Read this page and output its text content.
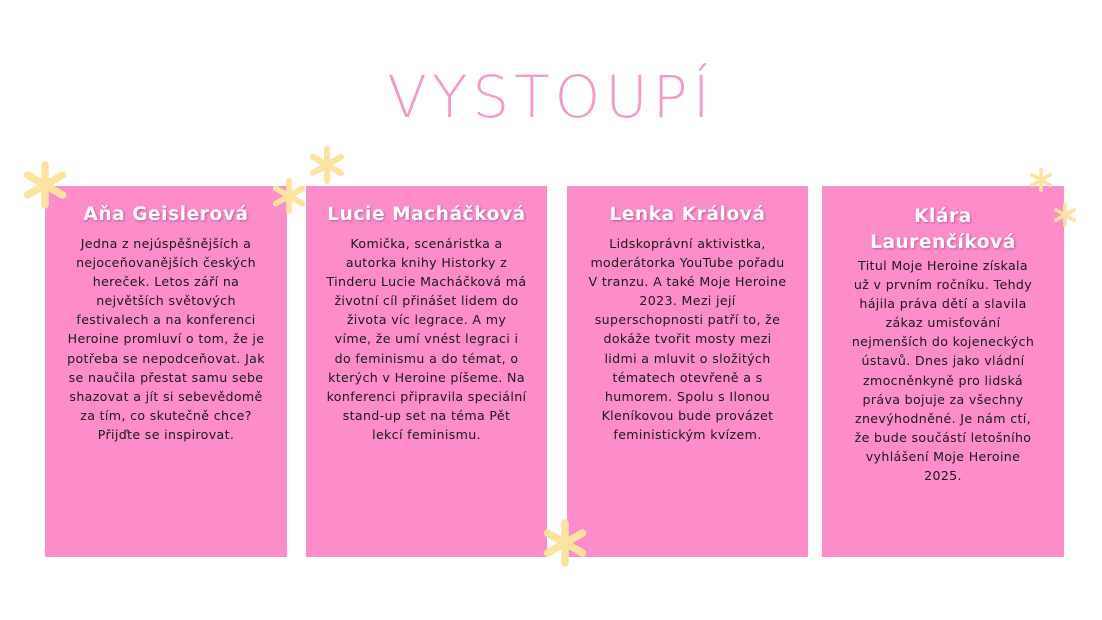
VYSTOUPÍ
Aňa Geislerová
Jedna z nejúspěšnějších a nejoceňovanějších českých hereček. Letos září na největších světových festivalech a na konferenci Heroine promluví o tom, že je potřeba se nepodceňovat. Jak se naučila přestat samu sebe shazovat a jít si sebevědomě za tím, co skutečně chce? Přijďte se inspirovat.
Lucie Macháčková
Komička, scenáristka a autorka knihy Historky z Tinderu Lucie Macháčková má životní cíl přinášet lidem do života víc legrace. A my víme, že umí vnést legraci i do feminismu a do témat, o kterých v Heroine píšeme. Na konferenci připravila speciální stand-up set na téma Pět lekcí feminismu.
Lenka Králová
Lidskoprávní aktivistka, moderátorka YouTube pořadu V tranzu. A také Moje Heroine 2023. Mezi její superschopnosti patří to, že dokáže tvořit mosty mezi lidmi a mluvit o složitých tématech otevřeně a s humorem. Spolu s Ilonou Kleníkovou bude provázet feministickým kvízem.
Klára Laurenčíková
Titul Moje Heroine získala už v prvním ročníku. Tehdy hájila práva dětí a slavila zákaz umisťování nejmenších do kojeneckých ústavů. Dnes jako vládní zmocněnkyně pro lidská práva bojuje za všechny znevýhodněné. Je nám ctí, že bude součástí letošního vyhlášení Moje Heroine 2025.
